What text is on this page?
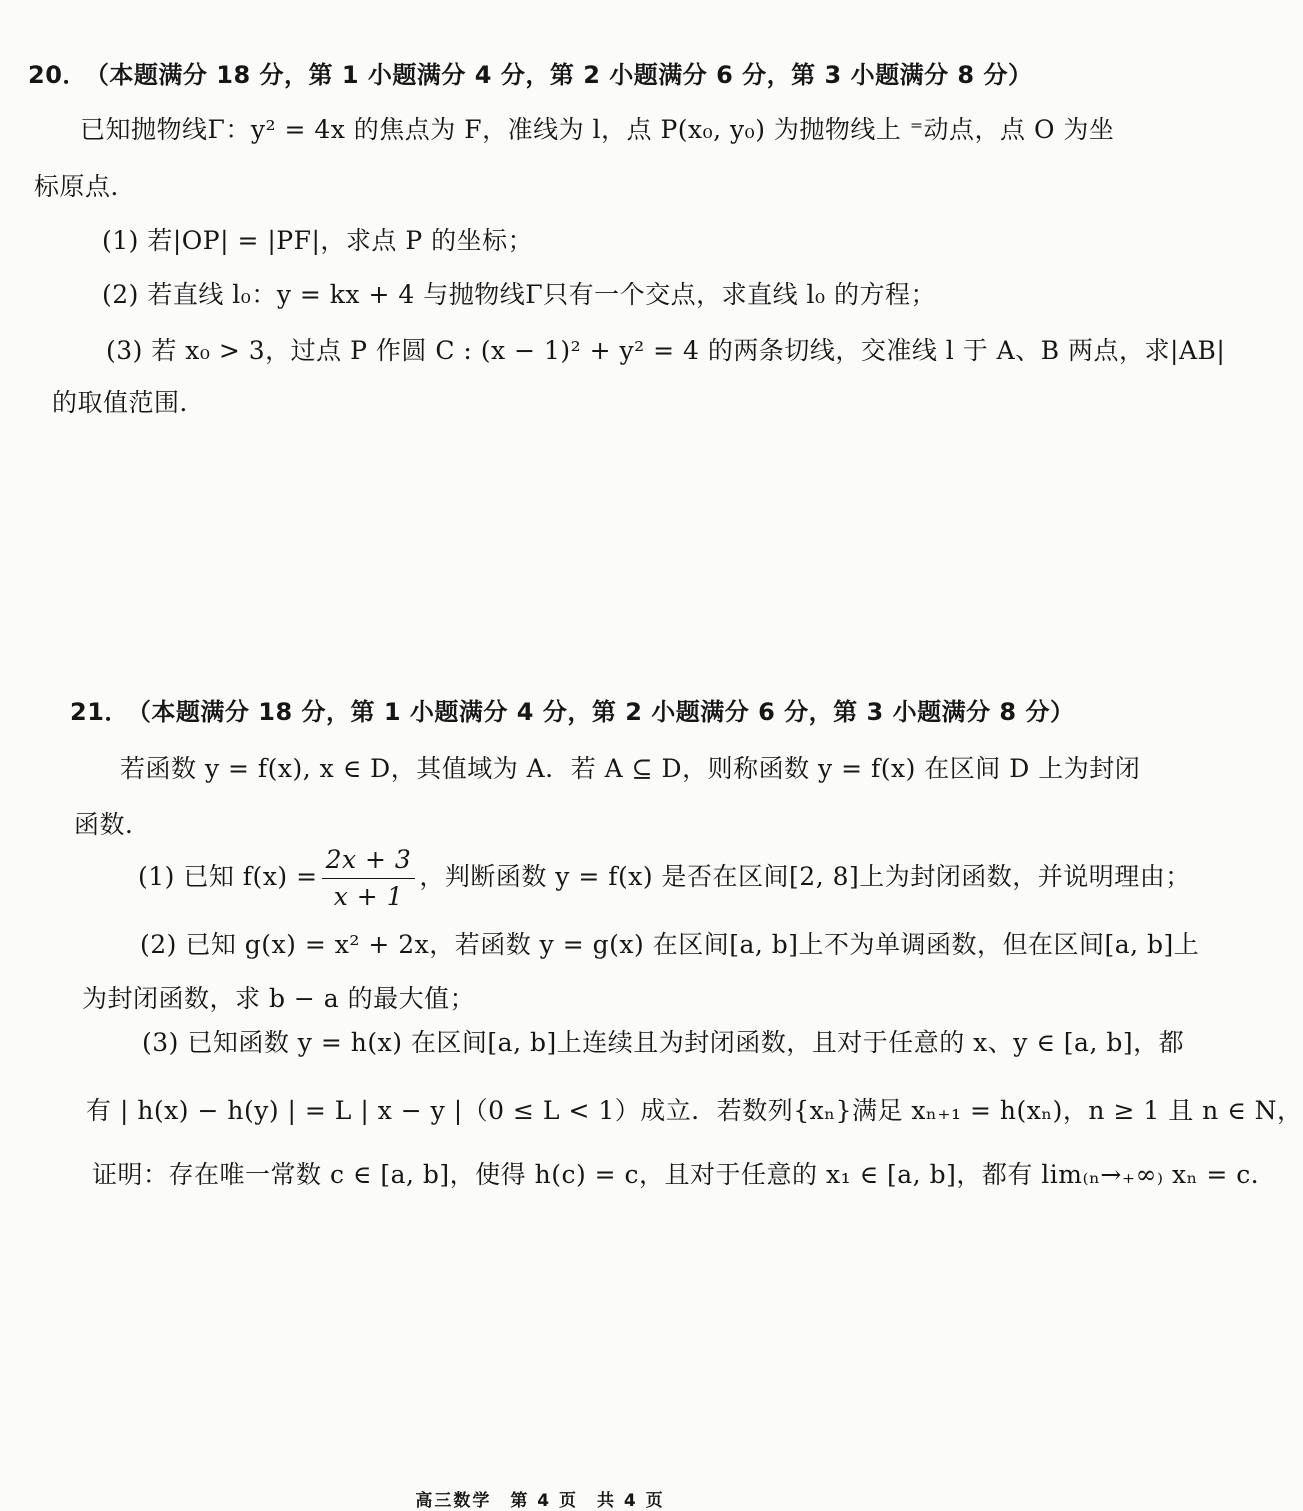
20． （本题满分 18 分，第 1 小题满分 4 分，第 2 小题满分 6 分，第 3 小题满分 8 分）
已知抛物线Γ：y² = 4x 的焦点为 F，准线为 l，点 P(x₀, y₀) 为抛物线上 ⁼动点，点 O 为坐
标原点．
(1) 若|OP| = |PF|，求点 P 的坐标；
(2) 若直线 l₀：y = kx + 4 与抛物线Γ只有一个交点，求直线 l₀ 的方程；
(3) 若 x₀ > 3，过点 P 作圆 C : (x − 1)² + y² = 4 的两条切线，交准线 l 于 A、B 两点，求|AB|
的取值范围．
21． （本题满分 18 分，第 1 小题满分 4 分，第 2 小题满分 6 分，第 3 小题满分 8 分）
若函数 y = f(x), x ∈ D，其值域为 A．若 A ⊆ D，则称函数 y = f(x) 在区间 D 上为封闭
函数．
(1) 已知 $f(x) = \frac{2x + 3}{x + 1}$ ，判断函数 y = f(x) 是否在区间[2, 8]上为封闭函数，并说明理由；
(2) 已知 g(x) = x² + 2x，若函数 y = g(x) 在区间[a, b]上不为单调函数，但在区间[a, b]上
为封闭函数，求 b − a 的最大值；
(3) 已知函数 y = h(x) 在区间[a, b]上连续且为封闭函数，且对于任意的 x、y ∈ [a, b]，都
有 | h(x) − h(y) | = L | x − y |（0 ≤ L < 1）成立．若数列{xₙ}满足 xₙ₊₁ = h(xₙ)，n ≥ 1 且 n ∈ N，
证明：存在唯一常数 c ∈ [a, b]，使得 h(c) = c，且对于任意的 x₁ ∈ [a, b]，都有 lim₍ₙ→₊∞₎ xₙ = c．
高三数学　第 4 页　共 4 页
